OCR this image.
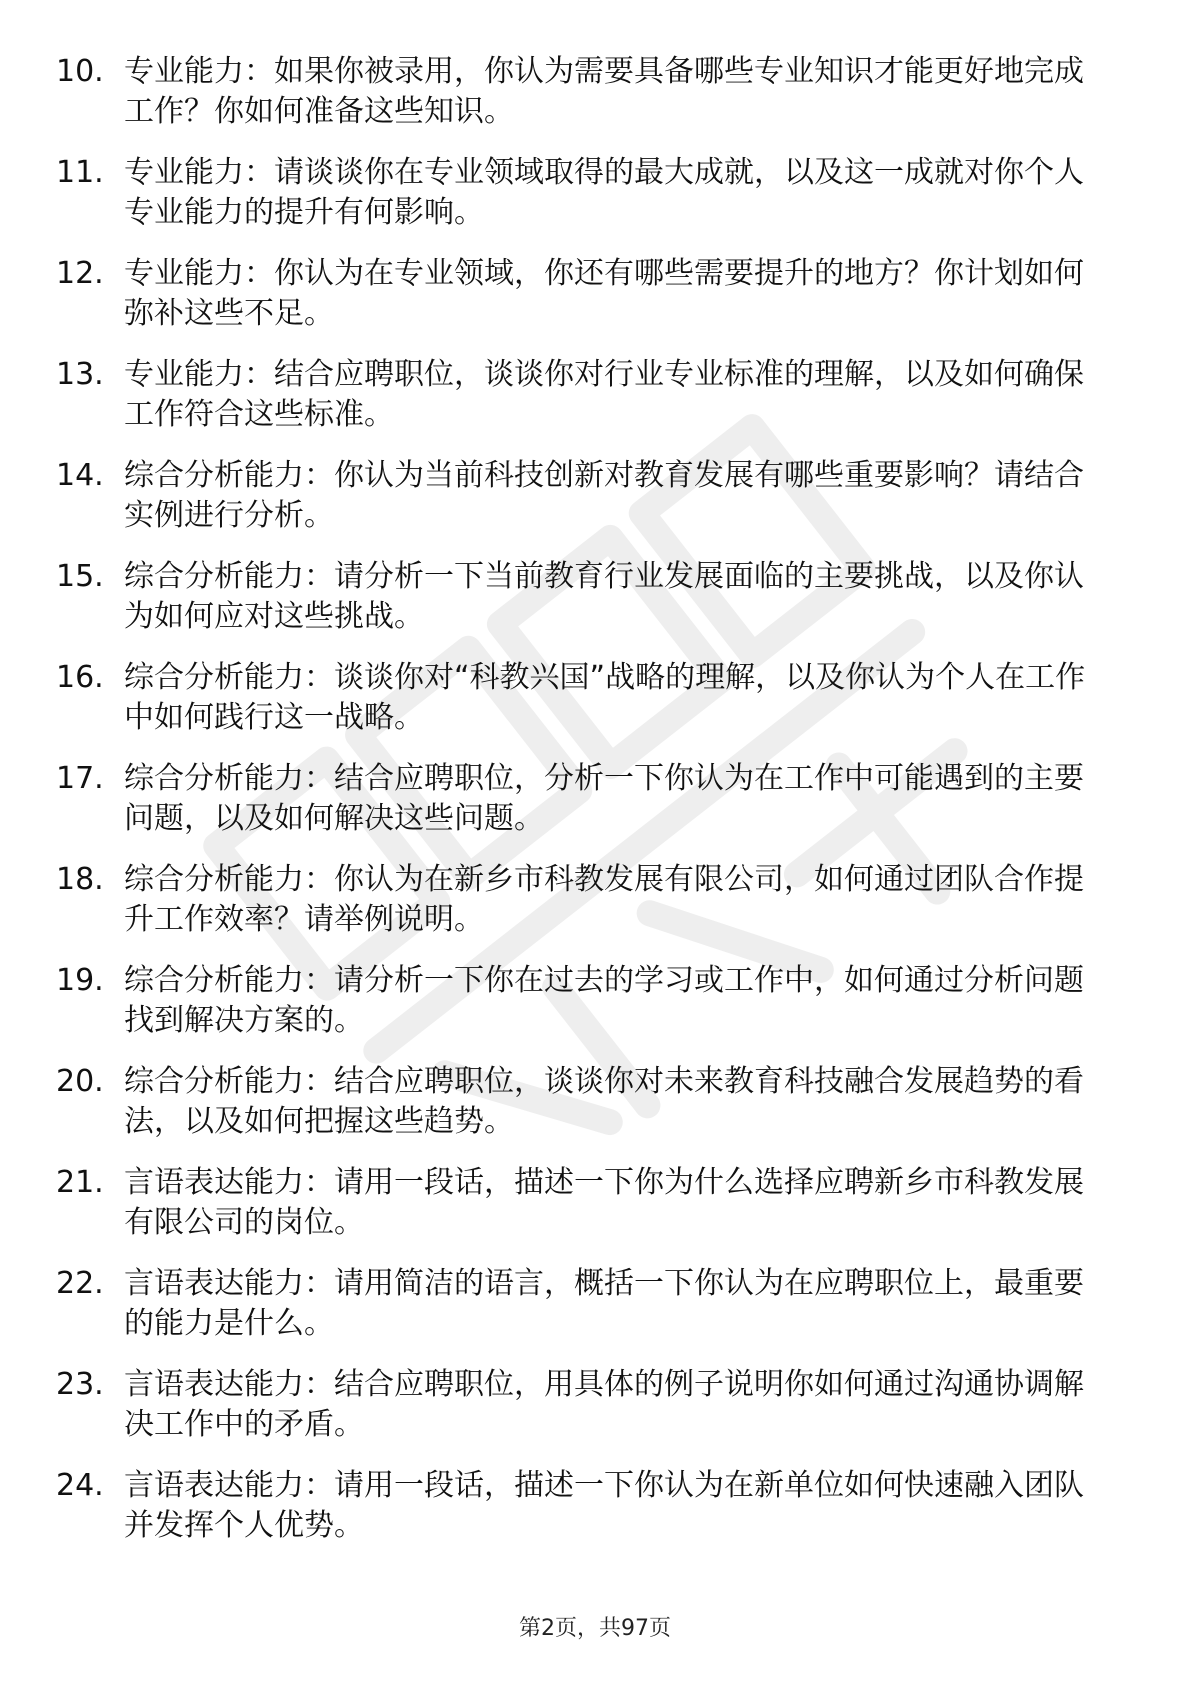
10. 专业能力：如果你被录用，你认为需要具备哪些专业知识才能更好地完成工作？你如何准备这些知识。
11. 专业能力：请谈谈你在专业领域取得的最大成就，以及这一成就对你个人专业能力的提升有何影响。
12. 专业能力：你认为在专业领域，你还有哪些需要提升的地方？你计划如何弥补这些不足。
13. 专业能力：结合应聘职位，谈谈你对行业专业标准的理解，以及如何确保工作符合这些标准。
14. 综合分析能力：你认为当前科技创新对教育发展有哪些重要影响？请结合实例进行分析。
15. 综合分析能力：请分析一下当前教育行业发展面临的主要挑战，以及你认为如何应对这些挑战。
16. 综合分析能力：谈谈你对“科教兴国”战略的理解，以及你认为个人在工作中如何践行这一战略。
17. 综合分析能力：结合应聘职位，分析一下你认为在工作中可能遇到的主要问题，以及如何解决这些问题。
18. 综合分析能力：你认为在新乡市科教发展有限公司，如何通过团队合作提升工作效率？请举例说明。
19. 综合分析能力：请分析一下你在过去的学习或工作中，如何通过分析问题找到解决方案的。
20. 综合分析能力：结合应聘职位，谈谈你对未来教育科技融合发展趋势的看法，以及如何把握这些趋势。
21. 言语表达能力：请用一段话，描述一下你为什么选择应聘新乡市科教发展有限公司的岗位。
22. 言语表达能力：请用简洁的语言，概括一下你认为在应聘职位上，最重要的能力是什么。
23. 言语表达能力：结合应聘职位，用具体的例子说明你如何通过沟通协调解决工作中的矛盾。
24. 言语表达能力：请用一段话，描述一下你认为在新单位如何快速融入团队并发挥个人优势。
第2页，共97页
